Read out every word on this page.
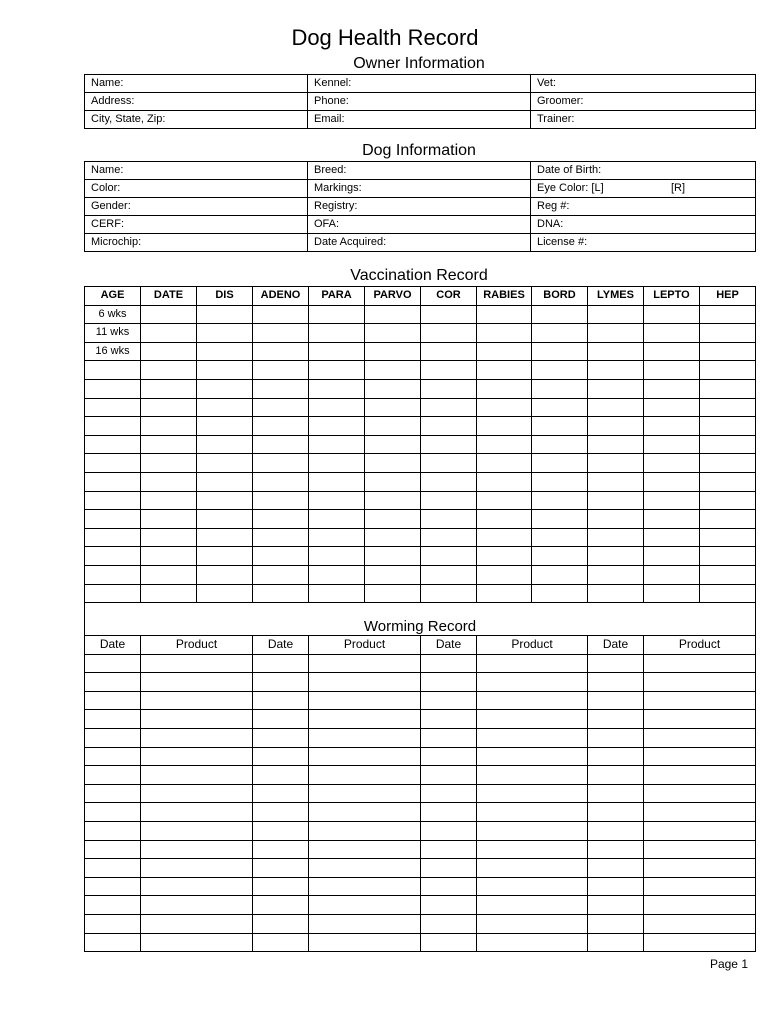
Dog Health Record
Owner Information
Name:	Kennel:	Vet:
Address:	Phone:	Groomer:
City, State, Zip:	Email:	Trainer:
Dog Information
Name:	Breed:	Date of Birth:
Color:	Markings:	Eye Color: [L] [R]

Gender:	Registry:	Reg #:
CERF:	OFA:	DNA:
Microchip:	Date Acquired:	License #:
Vaccination Record
AGE	DATE	DIS	ADENO	PARA	PARVO	COR	RABIES	BORD	LYMES	LEPTO	HEP
6 wks											
11 wks											
16 wks											

Worming Record											
Date	Product		Date	Product		Date	Product		Date	Product	

Page 1
